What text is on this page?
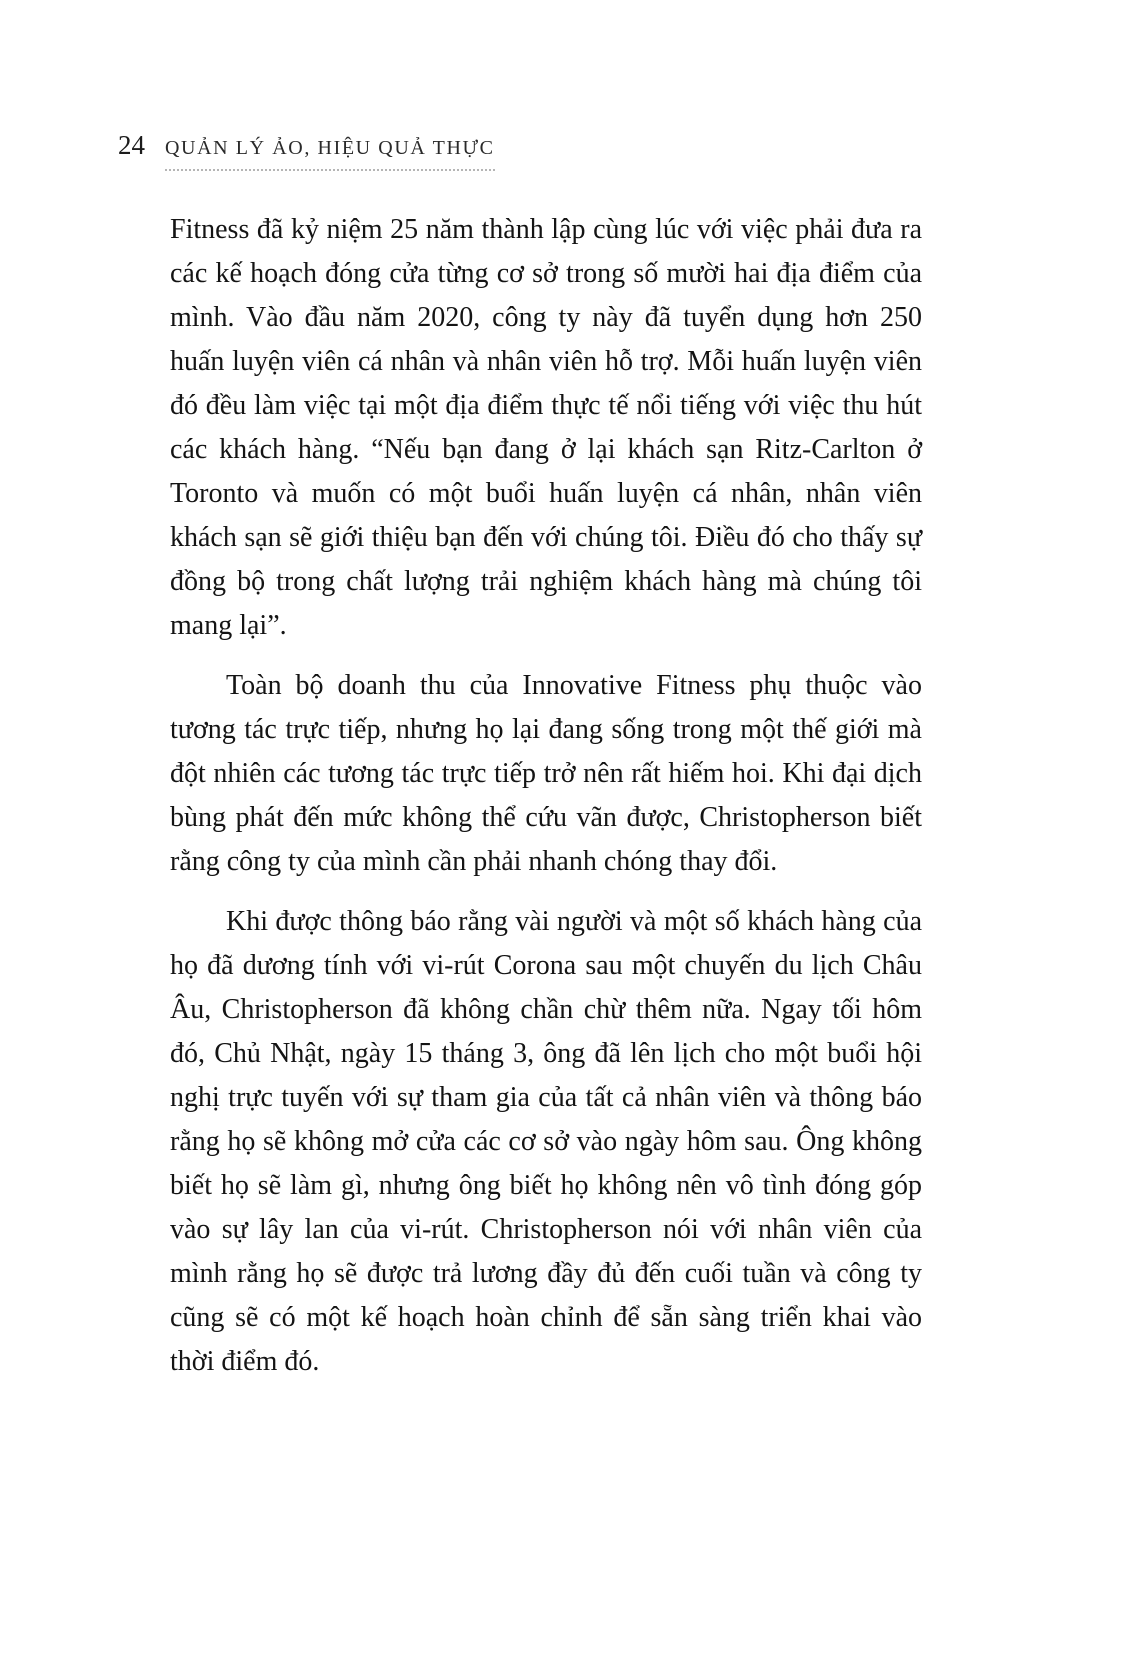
24 QUẢN LÝ ẢO, HIỆU QUẢ THỰC

Fitness đã kỷ niệm 25 năm thành lập cùng lúc với việc phải đưa ra các kế hoạch đóng cửa từng cơ sở trong số mười hai địa điểm của mình. Vào đầu năm 2020, công ty này đã tuyển dụng hơn 250 huấn luyện viên cá nhân và nhân viên hỗ trợ. Mỗi huấn luyện viên đó đều làm việc tại một địa điểm thực tế nổi tiếng với việc thu hút các khách hàng. “Nếu bạn đang ở lại khách sạn Ritz-Carlton ở Toronto và muốn có một buổi huấn luyện cá nhân, nhân viên khách sạn sẽ giới thiệu bạn đến với chúng tôi. Điều đó cho thấy sự đồng bộ trong chất lượng trải nghiệm khách hàng mà chúng tôi mang lại”.

Toàn bộ doanh thu của Innovative Fitness phụ thuộc vào tương tác trực tiếp, nhưng họ lại đang sống trong một thế giới mà đột nhiên các tương tác trực tiếp trở nên rất hiếm hoi. Khi đại dịch bùng phát đến mức không thể cứu vãn được, Christopherson biết rằng công ty của mình cần phải nhanh chóng thay đổi.

Khi được thông báo rằng vài người và một số khách hàng của họ đã dương tính với vi-rút Corona sau một chuyến du lịch Châu Âu, Christopherson đã không chần chừ thêm nữa. Ngay tối hôm đó, Chủ Nhật, ngày 15 tháng 3, ông đã lên lịch cho một buổi hội nghị trực tuyến với sự tham gia của tất cả nhân viên và thông báo rằng họ sẽ không mở cửa các cơ sở vào ngày hôm sau. Ông không biết họ sẽ làm gì, nhưng ông biết họ không nên vô tình đóng góp vào sự lây lan của vi-rút. Christopherson nói với nhân viên của mình rằng họ sẽ được trả lương đầy đủ đến cuối tuần và công ty cũng sẽ có một kế hoạch hoàn chỉnh để sẵn sàng triển khai vào thời điểm đó.
